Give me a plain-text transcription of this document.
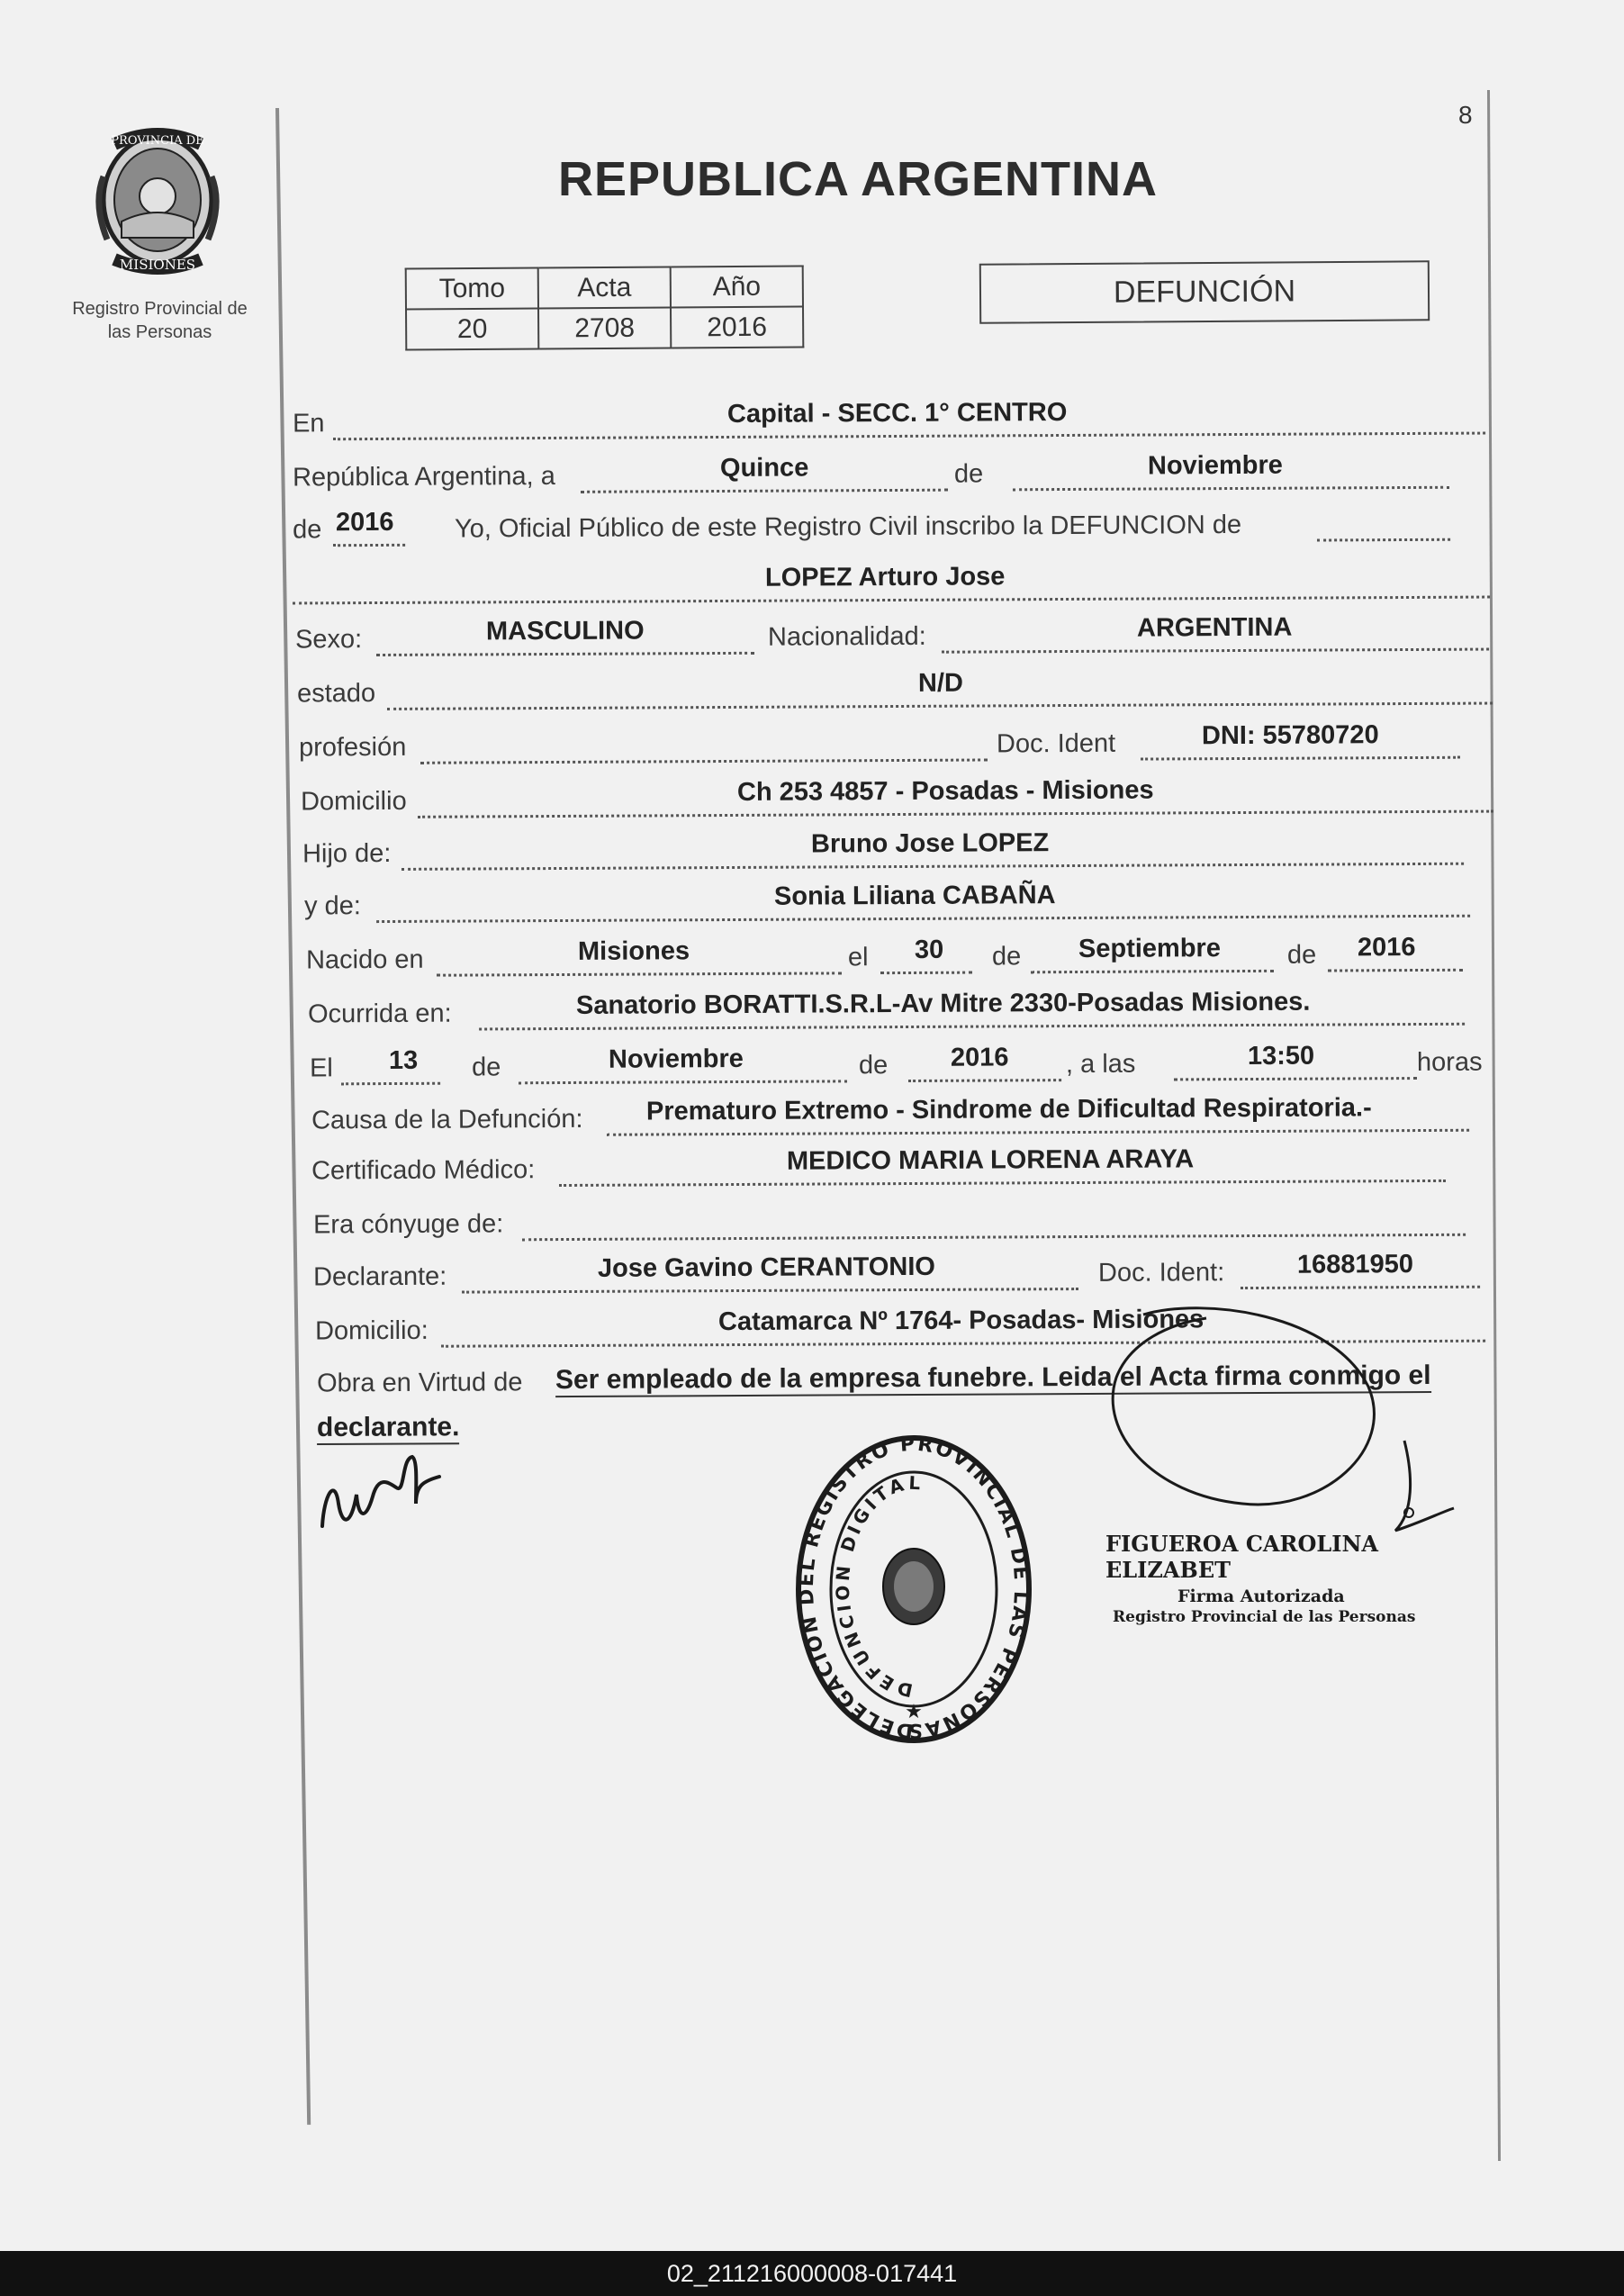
PROVINCIA DE
MISIONES
Registro Provincial de
las Personas
8
REPUBLICA ARGENTINA
Tomo	Acta	Año
20	2708	2016
DEFUNCIÓN
En	Capital - SECC. 1° CENTRO
República Argentina, a	Quince	de	Noviembre
de 2016 Yo, Oficial Público de este Registro Civil inscribo la DEFUNCION de
LOPEZ Arturo Jose
Sexo:	MASCULINO	Nacionalidad:	ARGENTINA
estado	N/D
profesión	Doc. Ident	DNI: 55780720
Domicilio	Ch 253 4857 - Posadas - Misiones
Hijo de:	Bruno Jose LOPEZ
y de:	Sonia Liliana CABAÑA
Nacido en	Misiones	el 30 de Septiembre	de 2016
Ocurrida en:	Sanatorio BORATTI.S.R.L-Av Mitre 2330-Posadas Misiones.
El 13 de	Noviembre	de 2016 , a las	13:50	horas
Causa de la Defunción: Prematuro Extremo - Sindrome de Dificultad Respiratoria.-
Certificado Médico:	MEDICO MARIA LORENA ARAYA
Era cónyuge de:
Declarante:	Jose Gavino CERANTONIO	Doc. Ident:	16881950
Domicilio:	Catamarca Nº 1764- Posadas- Misiones
Obra en Virtud de Ser empleado de la empresa funebre. Leida el Acta firma conmigo el
declarante.
DELEGACION DEL REGISTRO PROVINCIAL DE LAS PERSONAS
DEFUNCION DIGITAL
★
FIGUEROA CAROLINA ELIZABET
Firma Autorizada
Registro Provincial de las Personas
02_211216000008-017441
